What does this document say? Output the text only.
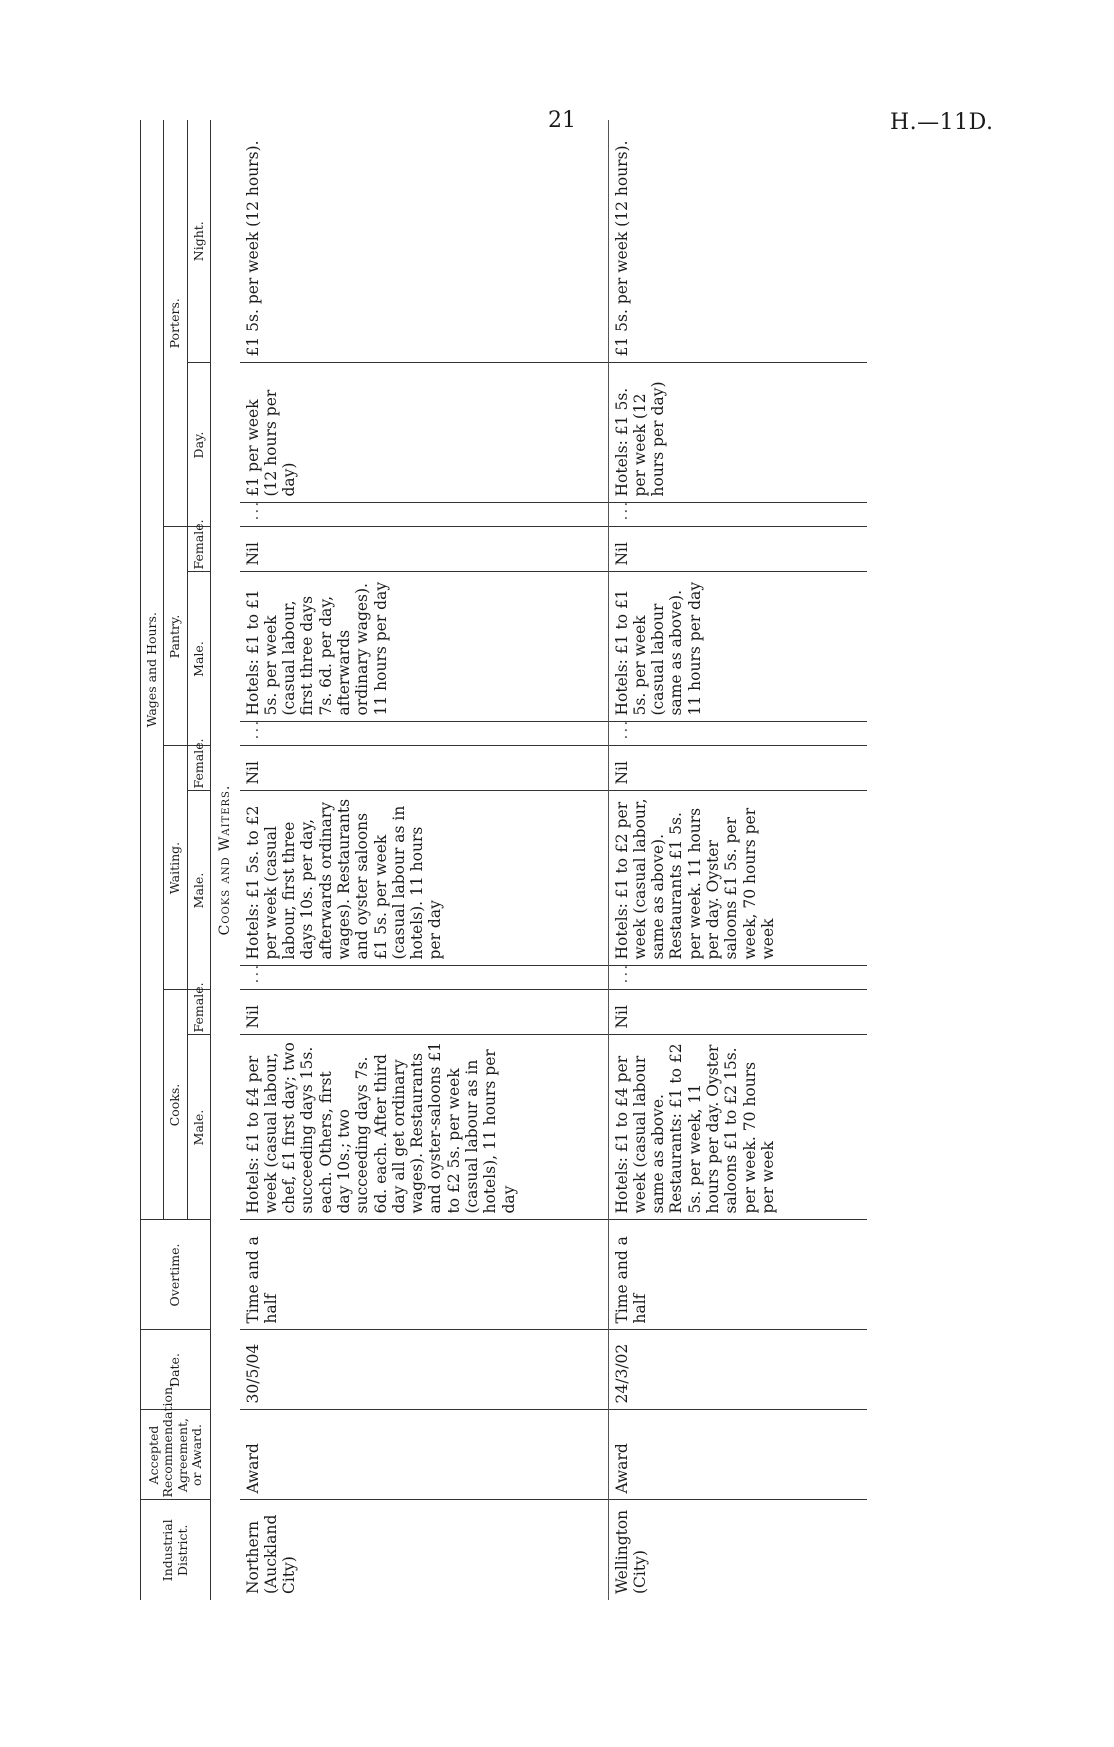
21	H.—11D.
Industrial District.	Accepted Recommendation, Agreement, or Award.	Date.	Overtime.	Wages and Hours.										
				Cooks.		Waiting.			Pantry.			Porters.		
				Male.	Female.	Male.		Female.	Male.		Female.	Day.		Night.
Cooks and Waiters.														
Northern (Auckland City)	Award	30/5/04	Time and a half	Hotels: £1 to £4 per week (casual labour, chef, £1 first day; two succeeding days 15s. each. Others, first day 10s.; two succeeding days 7s. 6d. each. After third day all get ordinary wages). Restaurants and oyster-saloons £1 to £2 5s. per week (casual labour as in hotels), 11 hours per day	Nil	...	Hotels: £1 5s. to £2 per week (casual labour, first three days 10s. per day, afterwards ordinary wages). Restaurants and oyster saloons £1 5s. per week (casual labour as in hotels). 11 hours per day	Nil	...	Hotels: £1 to £1 5s. per week (casual labour, first three days 7s. 6d. per day, afterwards ordinary wages). 11 hours per day	Nil	...	£1 per week (12 hours per day)	£1 5s. per week (12 hours).
Wellington (City)	Award	24/3/02	Time and a half	Hotels: £1 to £4 per week (casual labour same as above. Restaurants: £1 to £2 5s. per week, 11 hours per day. Oyster saloons £1 to £2 15s. per week. 70 hours per week	Nil	...	Hotels: £1 to £2 per week (casual labour, same as above). Restaurants £1 5s. per week. 11 hours per day. Oyster saloons £1 5s. per week, 70 hours per week	Nil	...	Hotels: £1 to £1 5s. per week (casual labour same as above). 11 hours per day	Nil	...	Hotels: £1 5s. per week (12 hours per day)	£1 5s. per week (12 hours).
